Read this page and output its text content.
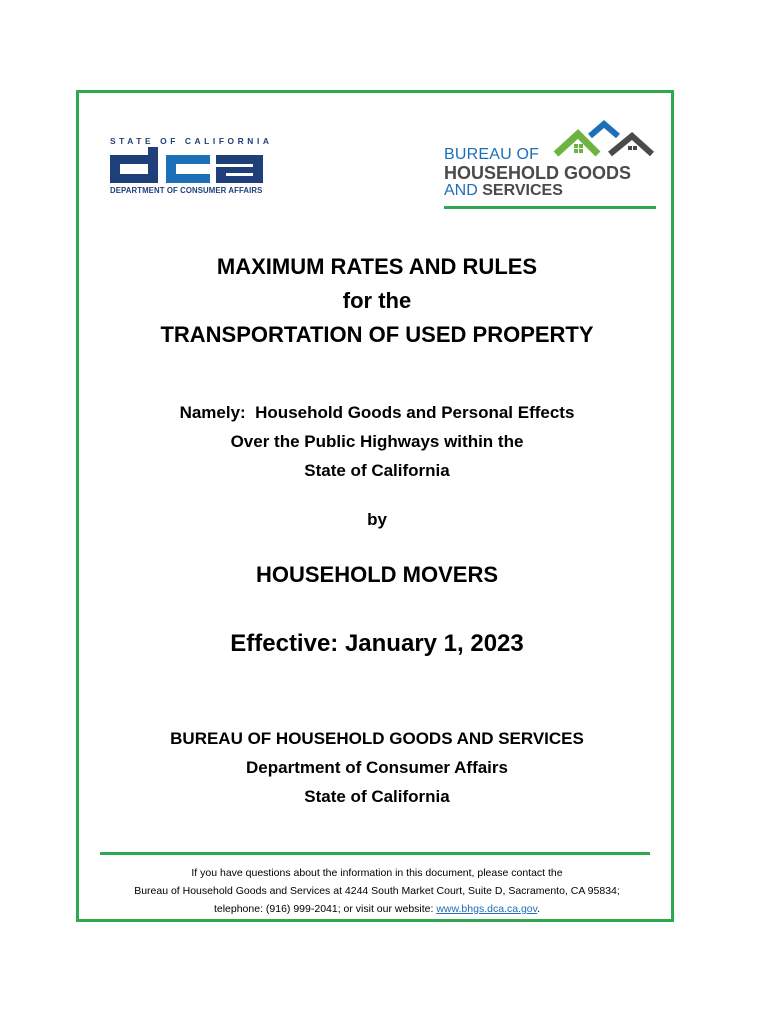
STATE OF CALIFORNIA
DEPARTMENT OF CONSUMER AFFAIRS
BUREAU OF
HOUSEHOLD GOODS
AND SERVICES
MAXIMUM RATES AND RULES
for the
TRANSPORTATION OF USED PROPERTY
Namely:  Household Goods and Personal Effects
Over the Public Highways within the
State of California
by
HOUSEHOLD MOVERS
Effective: January 1, 2023
BUREAU OF HOUSEHOLD GOODS AND SERVICES
Department of Consumer Affairs
State of California
If you have questions about the information in this document, please contact the
Bureau of Household Goods and Services at 4244 South Market Court, Suite D, Sacramento, CA 95834;
telephone: (916) 999-2041; or visit our website: www.bhgs.dca.ca.gov.
